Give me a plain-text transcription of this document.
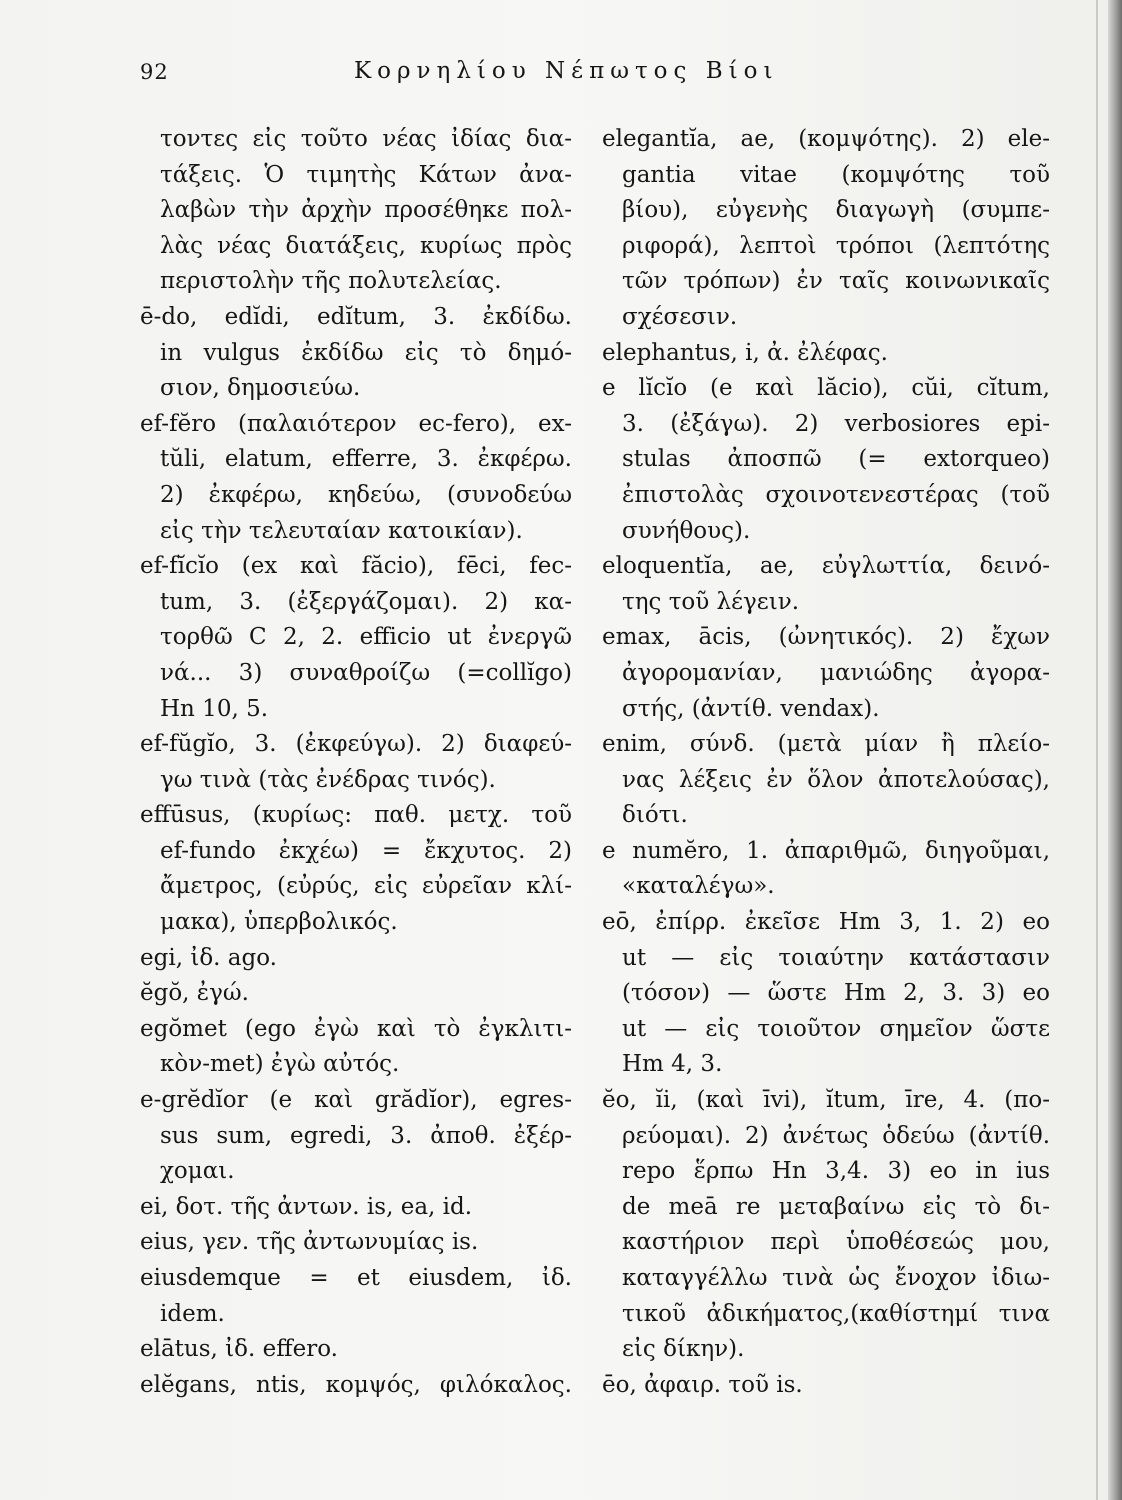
92	Κορνηλίου Νέπωτος Βίοι
τοντες εἰς τοῦτο νέας ἰδίας δια-
τάξεις. Ὁ τιμητὴς Κάτων ἀνα-
λαβὼν τὴν ἀρχὴν προσέθηκε πολ-
λὰς νέας διατάξεις, κυρίως πρὸς
περιστολὴν τῆς πολυτελείας.
ē-do, edĭdi, edĭtum, 3. ἐκδίδω.
in vulgus ἐκδίδω εἰς τὸ δημό-
σιον, δημοσιεύω.
ef-fĕro (παλαιότερον ec-fero), ex-
tŭli, elatum, efferre, 3. ἐκφέρω.
2) ἐκφέρω, κηδεύω, (συνοδεύω
εἰς τὴν τελευταίαν κατοικίαν).
ef-fĭcĭo (ex καὶ făcio), fēci, fec-
tum, 3. (ἐξεργάζομαι). 2) κα-
τορθῶ C 2, 2. efficio ut ἐνεργῶ
νά... 3) συναθροίζω (=collĭgo)
Hn 10, 5.
ef-fŭgĭo, 3. (ἐκφεύγω). 2) διαφεύ-
γω τινὰ (τὰς ἐνέδρας τινός).
effūsus, (κυρίως: παθ. μετχ. τοῦ
ef-fundo ἐκχέω) = ἔκχυτος. 2)
ἄμετρος, (εὐρύς, εἰς εὐρεῖαν κλί-
μακα), ὑπερβολικός.
egi, ἰδ. ago.
ĕgŏ, ἐγώ.
egŏmet (ego ἐγὼ καὶ τὸ ἐγκλιτι-
κὸν-met) ἐγὼ αὐτός.
e-grĕdĭor (e καὶ grădĭor), egres-
sus sum, egredi, 3. ἀποθ. ἐξέρ-
χομαι.
ei, δοτ. τῆς ἀντων. is, ea, id.
eius, γεν. τῆς ἀντωνυμίας is.
eiusdemque = et eiusdem, ἰδ.
idem.
elātus, ἰδ. effero.
elĕgans, ntis, κομψός, φιλόκαλος.
elegantĭa, ae, (κομψότης). 2) ele-
gantia vitae (κομψότης τοῦ
βίου), εὐγενὴς διαγωγὴ (συμπε-
ριφορά), λεπτοὶ τρόποι (λεπτότης
τῶν τρόπων) ἐν ταῖς κοινωνικαῖς
σχέσεσιν.
elephantus, i, ἀ. ἐλέφας.
e lĭcĭo (e καὶ lăcio), cŭi, cĭtum,
3. (ἐξάγω). 2) verbosiores epi-
stulas ἀποσπῶ (= extorqueo)
ἐπιστολὰς σχοινοτενεστέρας (τοῦ
συνήθους).
eloquentĭa, ae, εὐγλωττία, δεινό-
της τοῦ λέγειν.
emax, ācis, (ὠνητικός). 2) ἔχων
ἀγορομανίαν, μανιώδης ἀγορα-
στής, (ἀντίθ. vendax).
enim, σύνδ. (μετὰ μίαν ἢ πλείο-
νας λέξεις ἐν ὅλον ἀποτελούσας),
διότι.
e numĕro, 1. ἀπαριθμῶ, διηγοῦμαι,
«καταλέγω».
eō, ἐπίρρ. ἐκεῖσε Hm 3, 1. 2) eo
ut — εἰς τοιαύτην κατάστασιν
(τόσον) — ὥστε Hm 2, 3. 3) eo
ut — εἰς τοιοῦτον σημεῖον ὥστε
Hm 4, 3.
ĕo, ĭi, (καὶ īvi), ĭtum, īre, 4. (πο-
ρεύομαι). 2) ἀνέτως ὁδεύω (ἀντίθ.
repo ἕρπω Hn 3,4. 3) eo in ius
de meā re μεταβαίνω εἰς τὸ δι-
καστήριον περὶ ὑποθέσεώς μου,
καταγγέλλω τινὰ ὡς ἔνοχον ἰδιω-
τικοῦ ἀδικήματος,(καθίστημί τινα
εἰς δίκην).
ēo, ἀφαιρ. τοῦ is.
